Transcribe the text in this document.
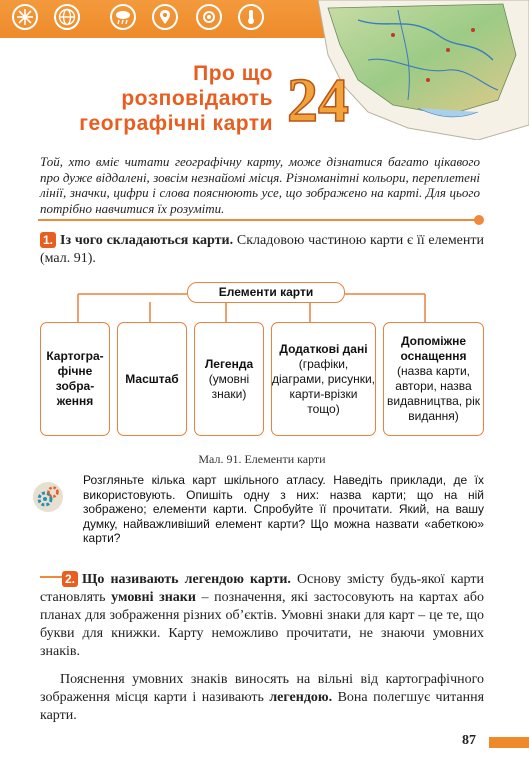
Про що
розповідають
географічні карти 24
Той, хто вміє читати географічну карту, може дізнатися багато цікавого про дуже віддалені, зовсім незнайомі місця. Різноманітні кольори, переплетені лінії, значки, цифри і слова пояснюють усе, що зображено на карті. Для цього потрібно навчитися їх розуміти.
1. Із чого складаються карти. Складовою частиною карти є її елементи (мал. 91).
Елементи карти
Картогра-фічне зобра-ження
Масштаб
Легенда
(умовні знаки)
Додаткові дані
(графіки, діаграми, рисунки, карти-врізки тощо)
Допоміжне оснащення
(назва карти, автори, назва видавництва, рік видання)
Мал. 91. Елементи карти
Розгляньте кілька карт шкільного атласу. Наведіть приклади, де їх використовують. Опишіть одну з них: назва карти; що на ній зображено; елементи карти. Спробуйте її прочитати. Який, на вашу думку, найважливіший елемент карти? Що можна назвати «абеткою» карти?
2. Що називають легендою карти. Основу змісту будь-якої карти становлять умовні знаки – позначення, які застосовують на картах або планах для зображення різних об’єктів. Умовні знаки для карт – це те, що букви для книжки. Карту неможливо прочитати, не знаючи умовних знаків.
Пояснення умовних знаків виносять на вільні від картографічного зображення місця карти і називають легендою. Вона полегшує читання карти.
87
